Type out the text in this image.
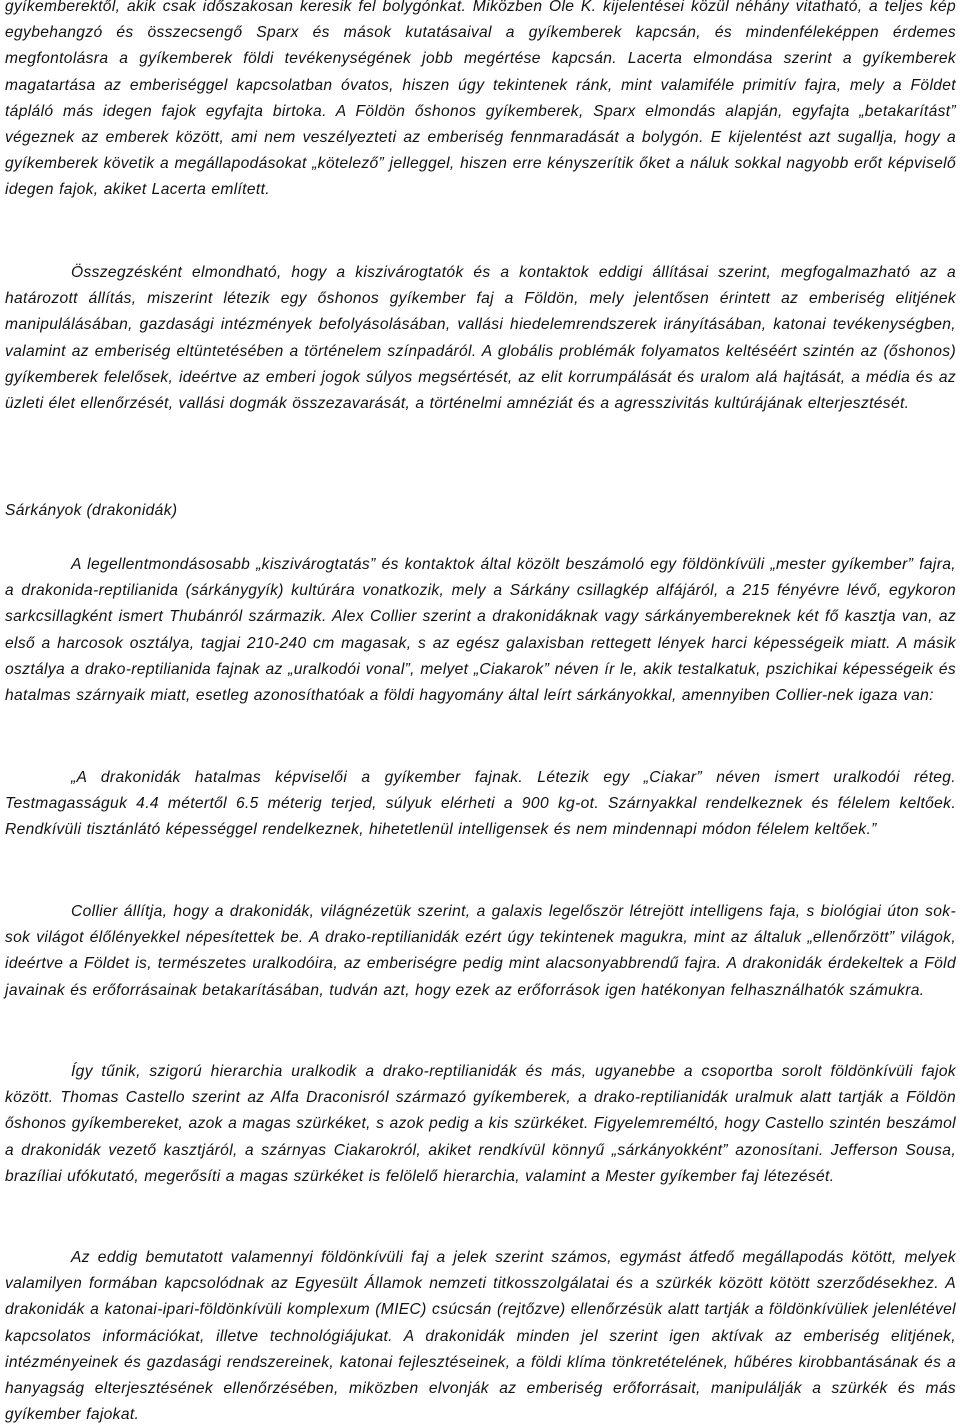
gyíkemberektől, akik csak időszakosan keresik fel bolygónkat. Miközben Ole K. kijelentései közül néhány vitatható, a teljes kép egybehangzó és összecsengő Sparx és mások kutatásaival a gyíkemberek kapcsán, és mindenféleképpen érdemes megfontolásra a gyíkemberek földi tevékenységének jobb megértése kapcsán. Lacerta elmondása szerint a gyíkemberek magatartása az emberiséggel kapcsolatban óvatos, hiszen úgy tekintenek ránk, mint valamiféle primitív fajra, mely a Földet tápláló más idegen fajok egyfajta birtoka. A Földön őshonos gyíkemberek, Sparx elmondás alapján, egyfajta „betakarítást” végeznek az emberek között, ami nem veszélyezteti az emberiség fennmaradását a bolygón. E kijelentést azt sugallja, hogy a gyíkemberek követik a megállapodásokat „kötelező” jelleggel, hiszen erre kényszerítik őket a náluk sokkal nagyobb erőt képviselő idegen fajok, akiket Lacerta említett.

Összegzésként elmondható, hogy a kiszivárogtatók és a kontaktok eddigi állításai szerint, megfogalmazható az a határozott állítás, miszerint létezik egy őshonos gyíkember faj a Földön, mely jelentősen érintett az emberiség elitjének manipulálásában, gazdasági intézmények befolyásolásában, vallási hiedelemrendszerek irányításában, katonai tevékenységben, valamint az emberiség eltüntetésében a történelem színpadáról. A globális problémák folyamatos keltéséért szintén az (őshonos) gyíkemberek felelősek, ideértve az emberi jogok súlyos megsértését, az elit korrumpálását és uralom alá hajtását, a média és az üzleti élet ellenőrzését, vallási dogmák összezavarását, a történelmi amnéziát és a agresszivitás kultúrájának elterjesztését.

Sárkányok (drakonidák)

A legellentmondásosabb „kiszivárogtatás” és kontaktok által közölt beszámoló egy földönkívüli „mester gyíkember” fajra, a drakonida-reptilianida (sárkánygyík) kultúrára vonatkozik, mely a Sárkány csillagkép alfájáról, a 215 fényévre lévő, egykoron sarkcsillagként ismert Thubánról származik. Alex Collier szerint a drakonidáknak vagy sárkányembereknek két fő kasztja van, az első a harcosok osztálya, tagjai 210-240 cm magasak, s az egész galaxisban rettegett lények harci képességeik miatt. A másik osztálya a drako-reptilianida fajnak az „uralkodói vonal”, melyet „Ciakarok” néven ír le, akik testalkatuk, pszichikai képességeik és hatalmas szárnyaik miatt, esetleg azonosíthatóak a földi hagyomány által leírt sárkányokkal, amennyiben Collier-nek igaza van:

„A drakonidák hatalmas képviselői a gyíkember fajnak. Létezik egy „Ciakar” néven ismert uralkodói réteg. Testmagasságuk 4.4 métertől 6.5 méterig terjed, súlyuk elérheti a 900 kg-ot. Szárnyakkal rendelkeznek és félelem keltőek. Rendkívüli tisztánlátó képességgel rendelkeznek, hihetetlenül intelligensek és nem mindennapi módon félelem keltőek.”

Collier állítja, hogy a drakonidák, világnézetük szerint, a galaxis legelőször létrejött intelligens faja, s biológiai úton sok-sok világot élőlényekkel népesítettek be. A drako-reptilianidák ezért úgy tekintenek magukra, mint az általuk „ellenőrzött” világok, ideértve a Földet is, természetes uralkodóira, az emberiségre pedig mint alacsonyabbrendű fajra. A drakonidák érdekeltek a Föld javainak és erőforrásainak betakarításában, tudván azt, hogy ezek az erőforrások igen hatékonyan felhasználhatók számukra.

Így tűnik, szigorú hierarchia uralkodik a drako-reptilianidák és más, ugyanebbe a csoportba sorolt földönkívüli fajok között. Thomas Castello szerint az Alfa Draconisról származó gyíkemberek, a drako-reptilianidák uralmuk alatt tartják a Földön őshonos gyíkembereket, azok a magas szürkéket, s azok pedig a kis szürkéket. Figyelemreméltó, hogy Castello szintén beszámol a drakonidák vezető kasztjáról, a szárnyas Ciakarokról, akiket rendkívül könnyű „sárkányokként” azonosítani. Jefferson Sousa, brazíliai ufókutató, megerősíti a magas szürkéket is felölelő hierarchia, valamint a Mester gyíkember faj létezését.

Az eddig bemutatott valamennyi földönkívüli faj a jelek szerint számos, egymást átfedő megállapodás kötött, melyek valamilyen formában kapcsolódnak az Egyesült Államok nemzeti titkosszolgálatai és a szürkék között kötött szerződésekhez. A drakonidák a katonai-ipari-földönkívüli komplexum (MIEC) csúcsán (rejtőzve) ellenőrzésük alatt tartják a földönkívüliek jelenlétével kapcsolatos információkat, illetve technológiájukat. A drakonidák minden jel szerint igen aktívak az emberiség elitjének, intézményeinek és gazdasági rendszereinek, katonai fejlesztéseinek, a földi klíma tönkretételének, hűbéres kirobbantásának és a hanyagság elterjesztésének ellenőrzésében, miközben elvonják az emberiség erőforrásait, manipulálják a szürkék és más gyíkember fajokat.
